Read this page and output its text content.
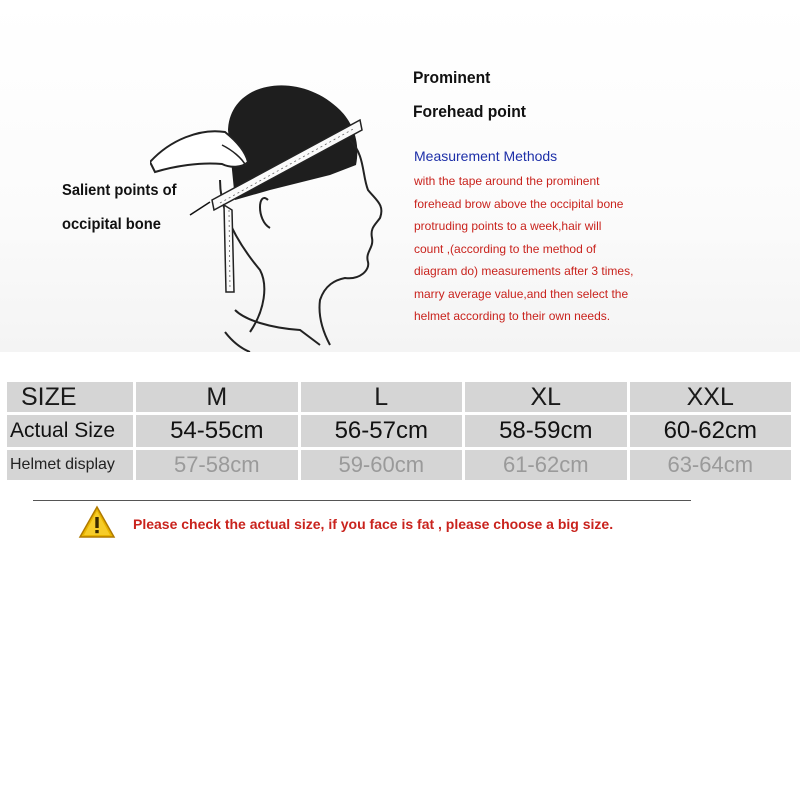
Salient points of
occipital bone
Prominent
Forehead point
Measurement Methods
with the tape around the prominent
forehead brow above the occipital bone
protruding points to a week,hair will
count ,(according to the method of
diagram do) measurements after 3 times,
marry average value,and then select the
helmet according to their own needs.
SIZE	M	L	XL	XXL
Actual Size	54-55cm	56-57cm	58-59cm	60-62cm
Helmet display	57-58cm	59-60cm	61-62cm	63-64cm
Please check the actual size, if you face is fat , please choose a big size.
